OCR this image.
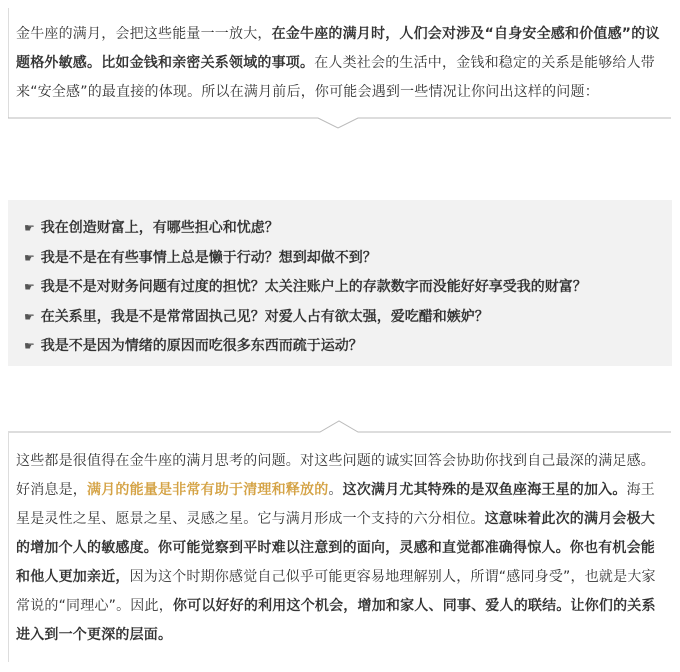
金牛座的满月，会把这些能量一一放大，在金牛座的满月时，人们会对涉及“自身安全感和价值感”的议题格外敏感。比如金钱和亲密关系领域的事项。在人类社会的生活中，金钱和稳定的关系是能够给人带来“安全感”的最直接的体现。所以在满月前后，你可能会遇到一些情况让你问出这样的问题：

☛ 我在创造财富上，有哪些担心和忧虑？
☛ 我是不是在有些事情上总是懒于行动？想到却做不到？
☛ 我是不是对财务问题有过度的担忧？太关注账户上的存款数字而没能好好享受我的财富？
☛ 在关系里，我是不是常常固执己见？对爱人占有欲太强，爱吃醋和嫉妒？
☛ 我是不是因为情绪的原因而吃很多东西而疏于运动？

这些都是很值得在金牛座的满月思考的问题。对这些问题的诚实回答会协助你找到自己最深的满足感。

好消息是，满月的能量是非常有助于清理和释放的。这次满月尤其特殊的是双鱼座海王星的加入。海王星是灵性之星、愿景之星、灵感之星。它与满月形成一个支持的六分相位。这意味着此次的满月会极大的增加个人的敏感度。你可能觉察到平时难以注意到的面向，灵感和直觉都准确得惊人。你也有机会能和他人更加亲近，因为这个时期你感觉自己似乎可能更容易地理解别人，所谓“感同身受”，也就是大家常说的“同理心”。因此，你可以好好的利用这个机会，增加和家人、同事、爱人的联结。让你们的关系进入到一个更深的层面。
